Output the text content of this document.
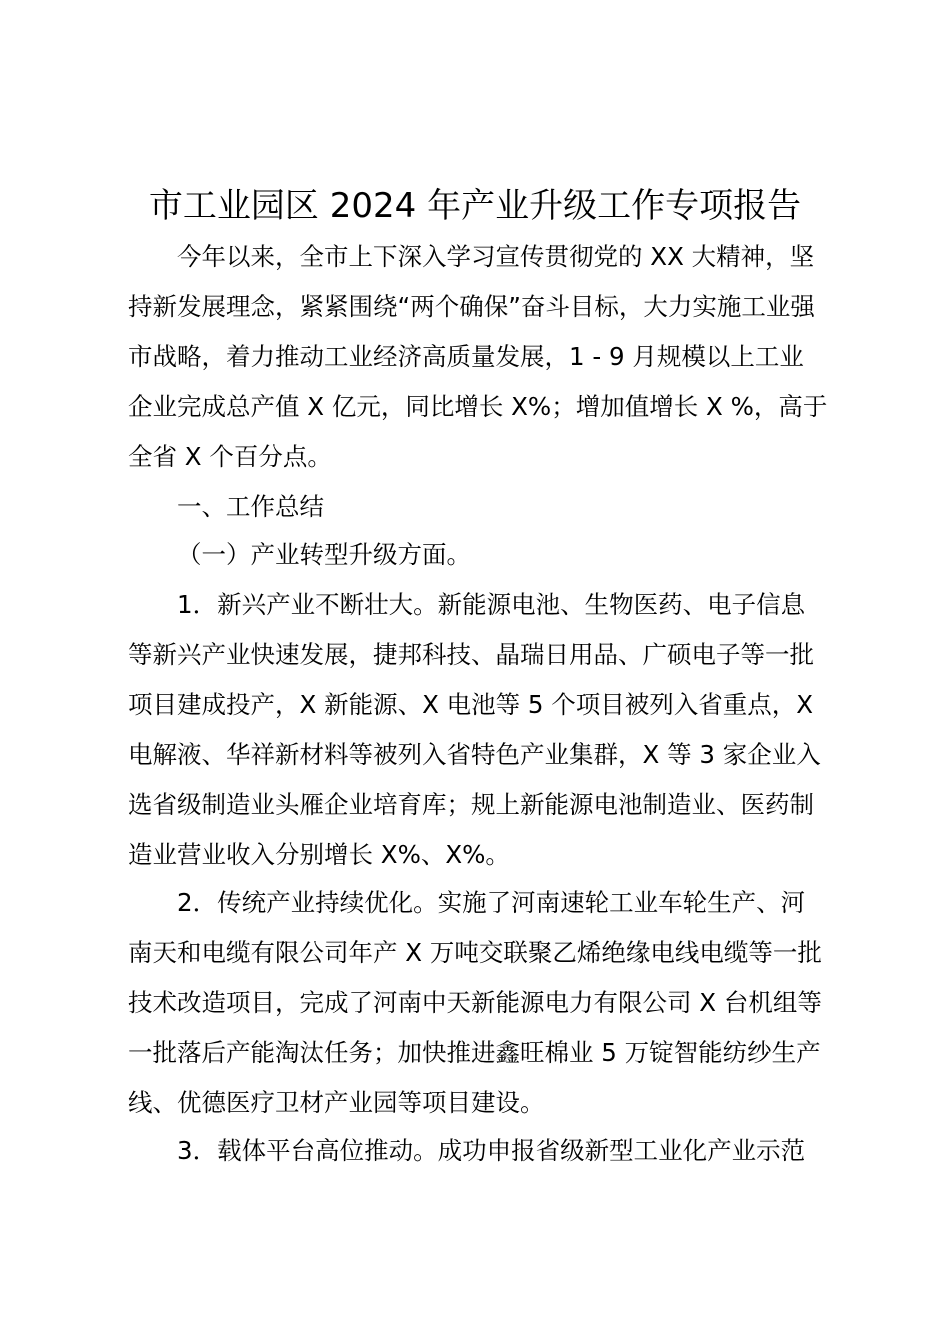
市工业园区 2024 年产业升级工作专项报告

今年以来，全市上下深入学习宣传贯彻党的 XX 大精神，坚持新发展理念，紧紧围绕“两个确保”奋斗目标，大力实施工业强市战略，着力推动工业经济高质量发展，1 - 9 月规模以上工业企业完成总产值 X 亿元，同比增长 X%；增加值增长 X %，高于全省 X 个百分点。

一、工作总结

（一）产业转型升级方面。

1．新兴产业不断壮大。新能源电池、生物医药、电子信息等新兴产业快速发展，捷邦科技、晶瑞日用品、广硕电子等一批项目建成投产，X 新能源、X 电池等 5 个项目被列入省重点，X 电解液、华祥新材料等被列入省特色产业集群，X 等 3 家企业入选省级制造业头雁企业培育库；规上新能源电池制造业、医药制造业营业收入分别增长 X%、X%。

2．传统产业持续优化。实施了河南速轮工业车轮生产、河南天和电缆有限公司年产 X 万吨交联聚乙烯绝缘电线电缆等一批技术改造项目，完成了河南中天新能源电力有限公司 X 台机组等一批落后产能淘汰任务；加快推进鑫旺棉业 5 万锭智能纺纱生产线、优德医疗卫材产业园等项目建设。

3．载体平台高位推动。成功申报省级新型工业化产业示范
